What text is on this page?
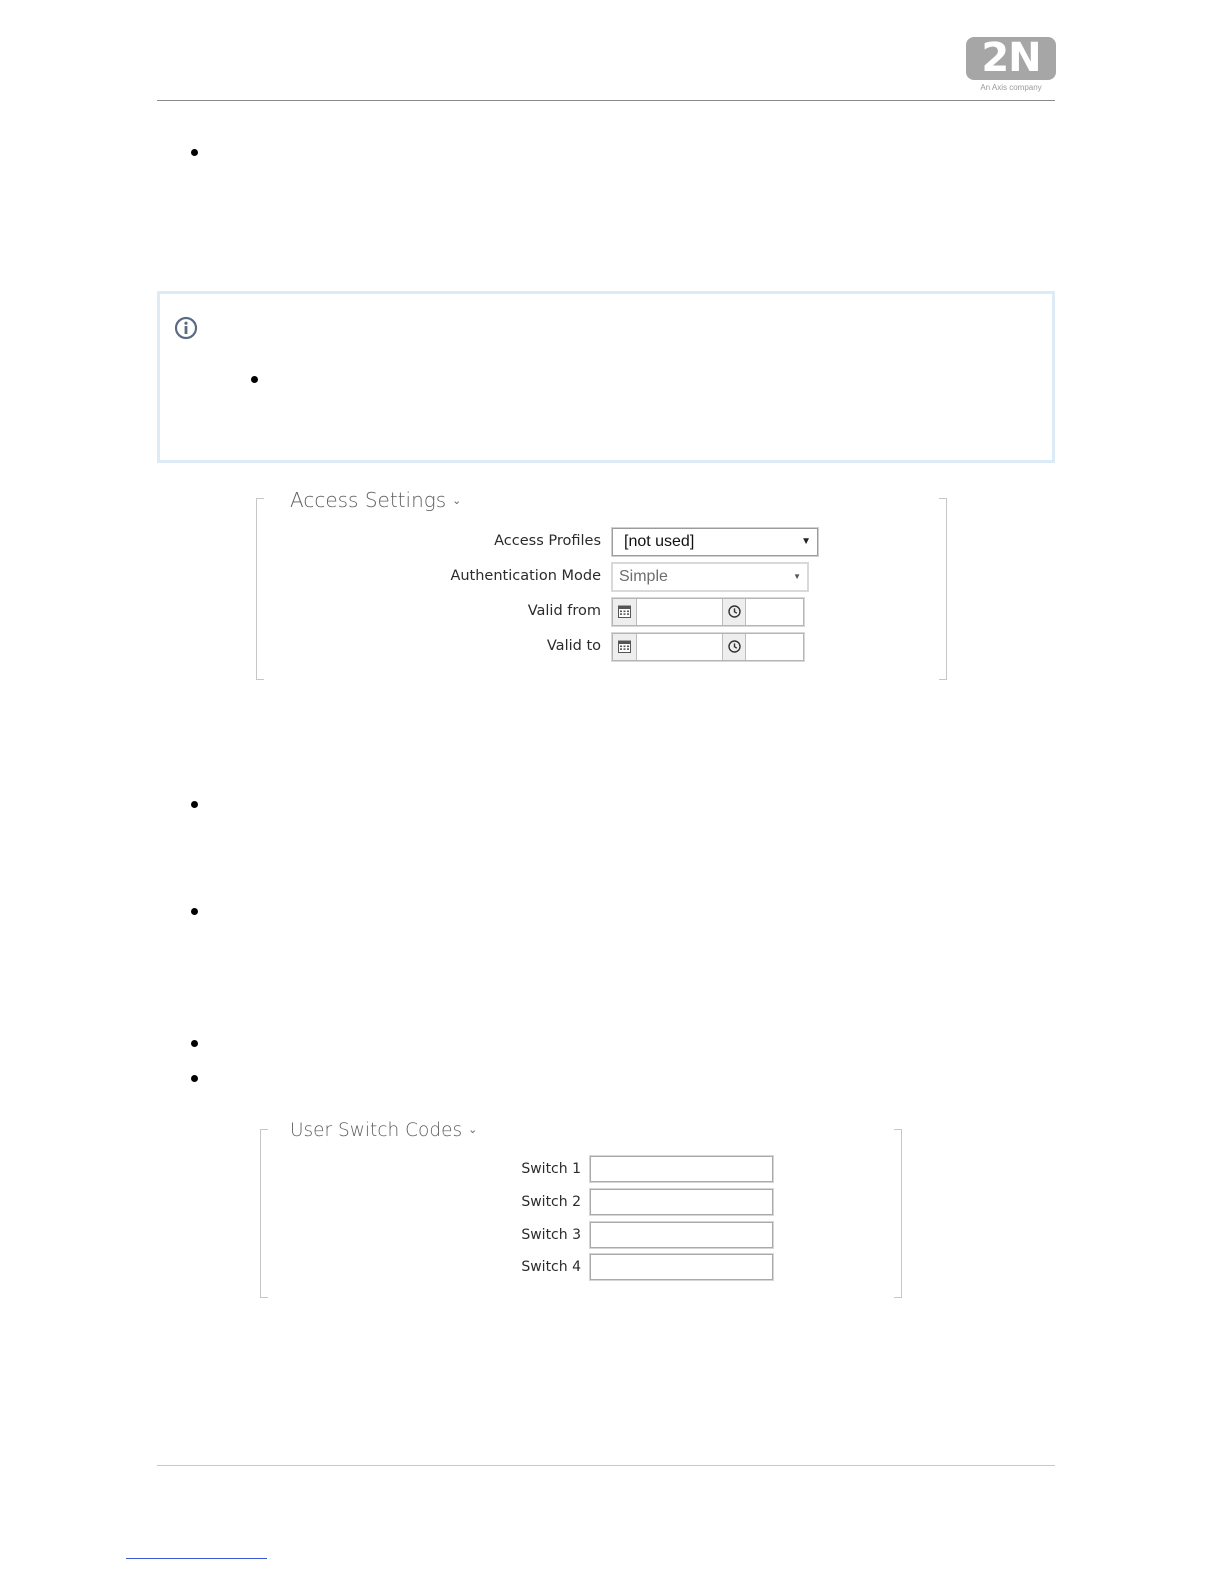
2N
An Axis company
Access Settings ⌄
Access Profiles	[not used]	▼
Authentication Mode	Simple	▼
Valid from
Valid to
User Switch Codes ⌄
Switch 1
Switch 2
Switch 3
Switch 4
